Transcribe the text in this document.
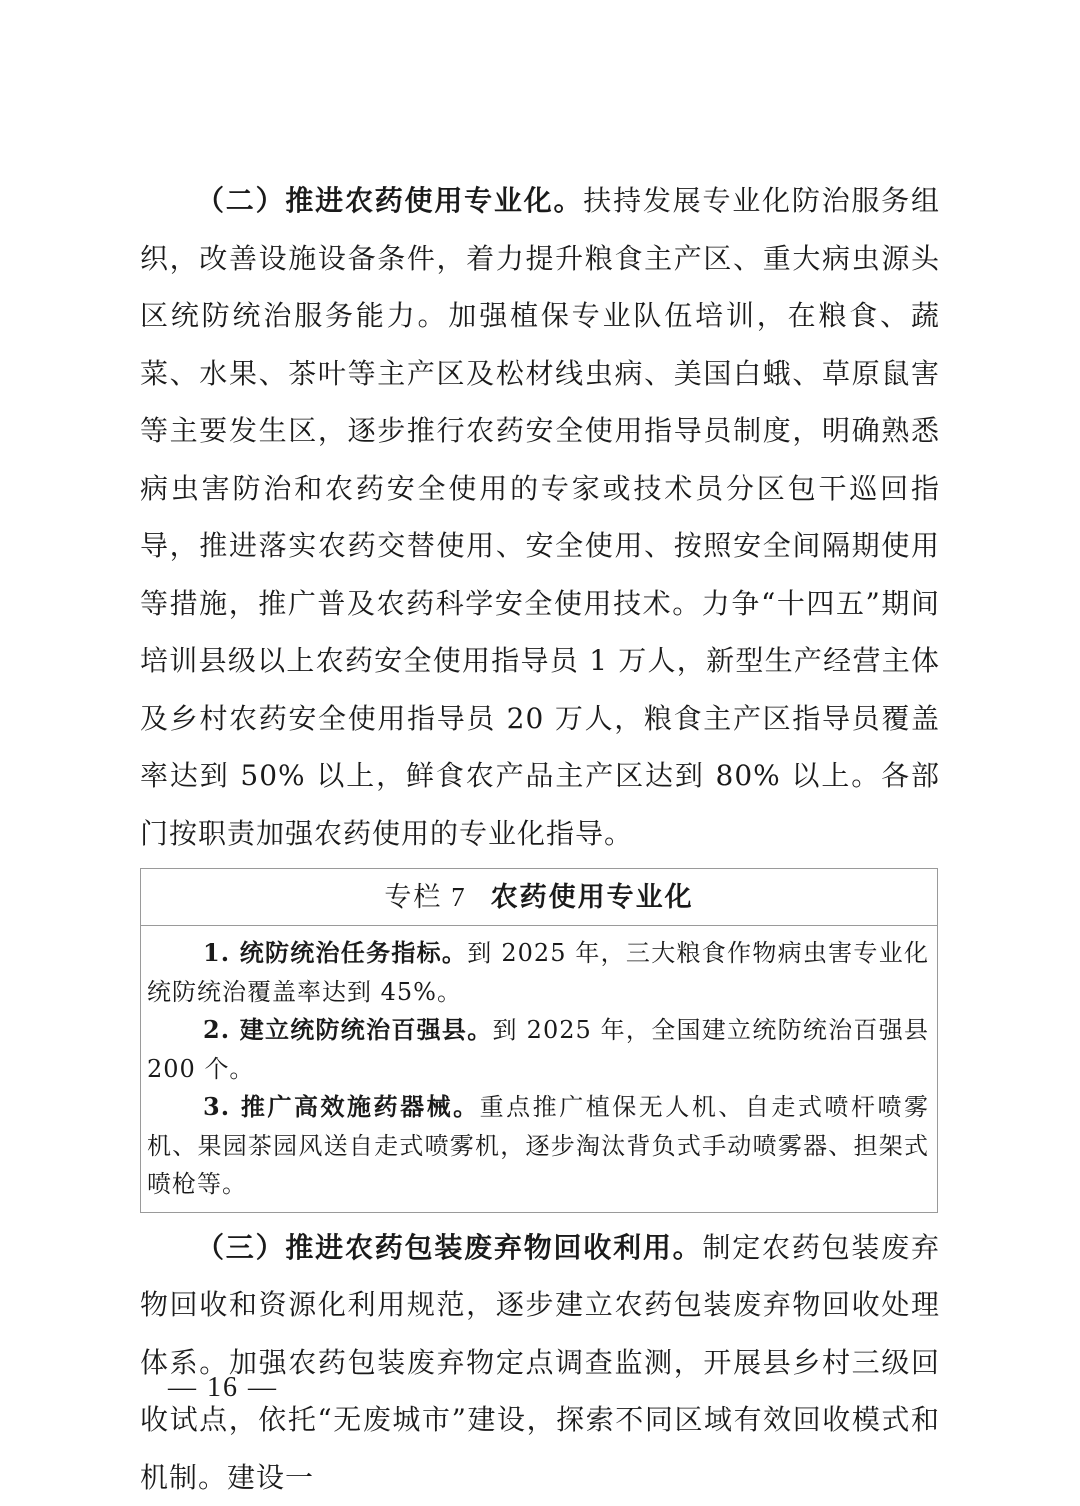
（二）推进农药使用专业化。扶持发展专业化防治服务组织，改善设施设备条件，着力提升粮食主产区、重大病虫源头区统防统治服务能力。加强植保专业队伍培训，在粮食、蔬菜、水果、茶叶等主产区及松材线虫病、美国白蛾、草原鼠害等主要发生区，逐步推行农药安全使用指导员制度，明确熟悉病虫害防治和农药安全使用的专家或技术员分区包干巡回指导，推进落实农药交替使用、安全使用、按照安全间隔期使用等措施，推广普及农药科学安全使用技术。力争“十四五”期间培训县级以上农药安全使用指导员 1 万人，新型生产经营主体及乡村农药安全使用指导员 20 万人，粮食主产区指导员覆盖率达到 50% 以上，鲜食农产品主产区达到 80% 以上。各部门按职责加强农药使用的专业化指导。

专栏 7 农药使用专业化

1. 统防统治任务指标。到 2025 年，三大粮食作物病虫害专业化统防统治覆盖率达到 45%。

2. 建立统防统治百强县。到 2025 年，全国建立统防统治百强县 200 个。

3. 推广高效施药器械。重点推广植保无人机、自走式喷杆喷雾机、果园茶园风送自走式喷雾机，逐步淘汰背负式手动喷雾器、担架式喷枪等。

（三）推进农药包装废弃物回收利用。制定农药包装废弃物回收和资源化利用规范，逐步建立农药包装废弃物回收处理体系。加强农药包装废弃物定点调查监测，开展县乡村三级回收试点，依托“无废城市”建设，探索不同区域有效回收模式和机制。建设一

— 16 —
